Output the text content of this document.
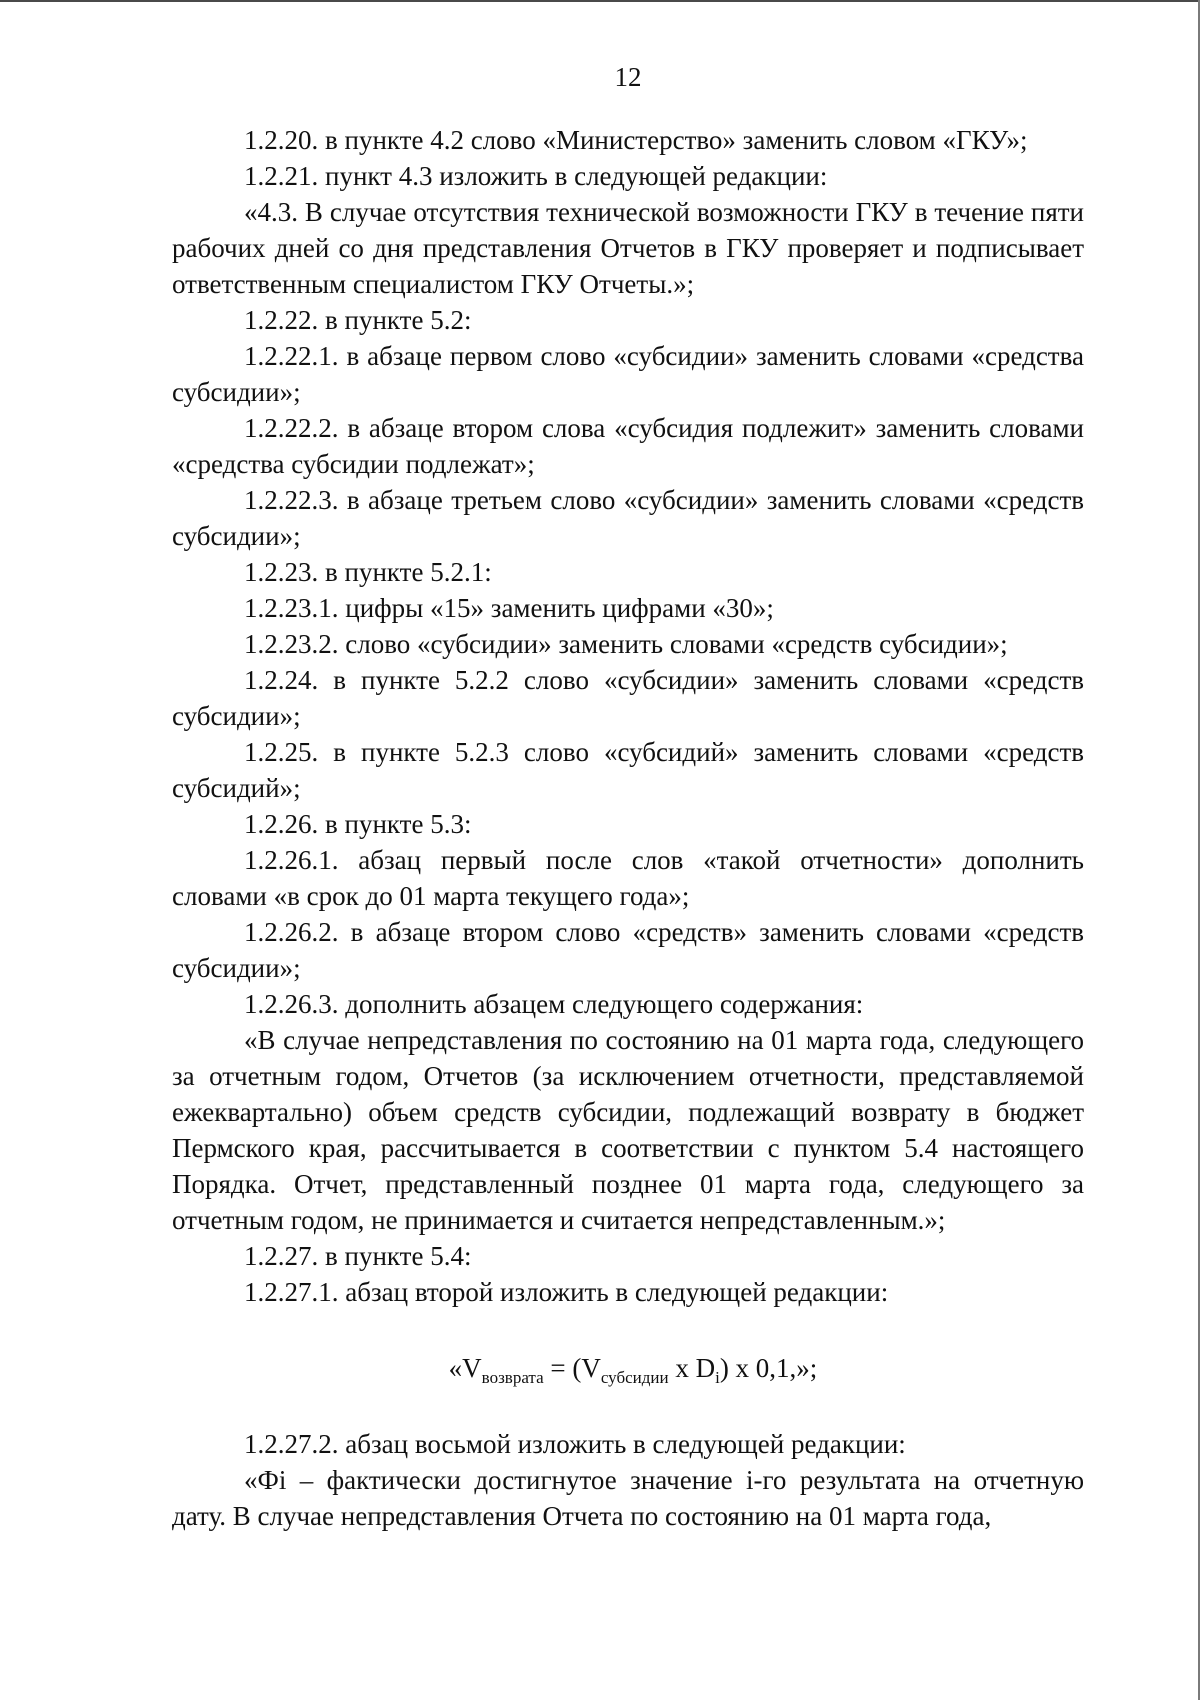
12

1.2.20. в пункте 4.2 слово «Министерство» заменить словом «ГКУ»;

1.2.21. пункт 4.3 изложить в следующей редакции:

«4.3. В случае отсутствия технической возможности ГКУ в течение пяти рабочих дней со дня представления Отчетов в ГКУ проверяет и подписывает ответственным специалистом ГКУ Отчеты.»;

1.2.22. в пункте 5.2:

1.2.22.1. в абзаце первом слово «субсидии» заменить словами «средства субсидии»;

1.2.22.2. в абзаце втором слова «субсидия подлежит» заменить словами «средства субсидии подлежат»;

1.2.22.3. в абзаце третьем слово «субсидии» заменить словами «средств субсидии»;

1.2.23. в пункте 5.2.1:

1.2.23.1. цифры «15» заменить цифрами «30»;

1.2.23.2. слово «субсидии» заменить словами «средств субсидии»;

1.2.24. в пункте 5.2.2 слово «субсидии» заменить словами «средств субсидии»;

1.2.25. в пункте 5.2.3 слово «субсидий» заменить словами «средств субсидий»;

1.2.26. в пункте 5.3:

1.2.26.1. абзац первый после слов «такой отчетности» дополнить словами «в срок до 01 марта текущего года»;

1.2.26.2. в абзаце втором слово «средств» заменить словами «средств субсидии»;

1.2.26.3. дополнить абзацем следующего содержания:

«В случае непредставления по состоянию на 01 марта года, следующего за отчетным годом, Отчетов (за исключением отчетности, представляемой ежеквартально) объем средств субсидии, подлежащий возврату в бюджет Пермского края, рассчитывается в соответствии с пунктом 5.4 настоящего Порядка. Отчет, представленный позднее 01 марта года, следующего за отчетным годом, не принимается и считается непредставленным.»;

1.2.27. в пункте 5.4:

1.2.27.1. абзац второй изложить в следующей редакции:

«$V_{возврата} = (V_{субсидии}$ х $D_i$) х 0,1,»;

1.2.27.2. абзац восьмой изложить в следующей редакции:

«Фi – фактически достигнутое значение i-го результата на отчетную дату. В случае непредставления Отчета по состоянию на 01 марта года,
